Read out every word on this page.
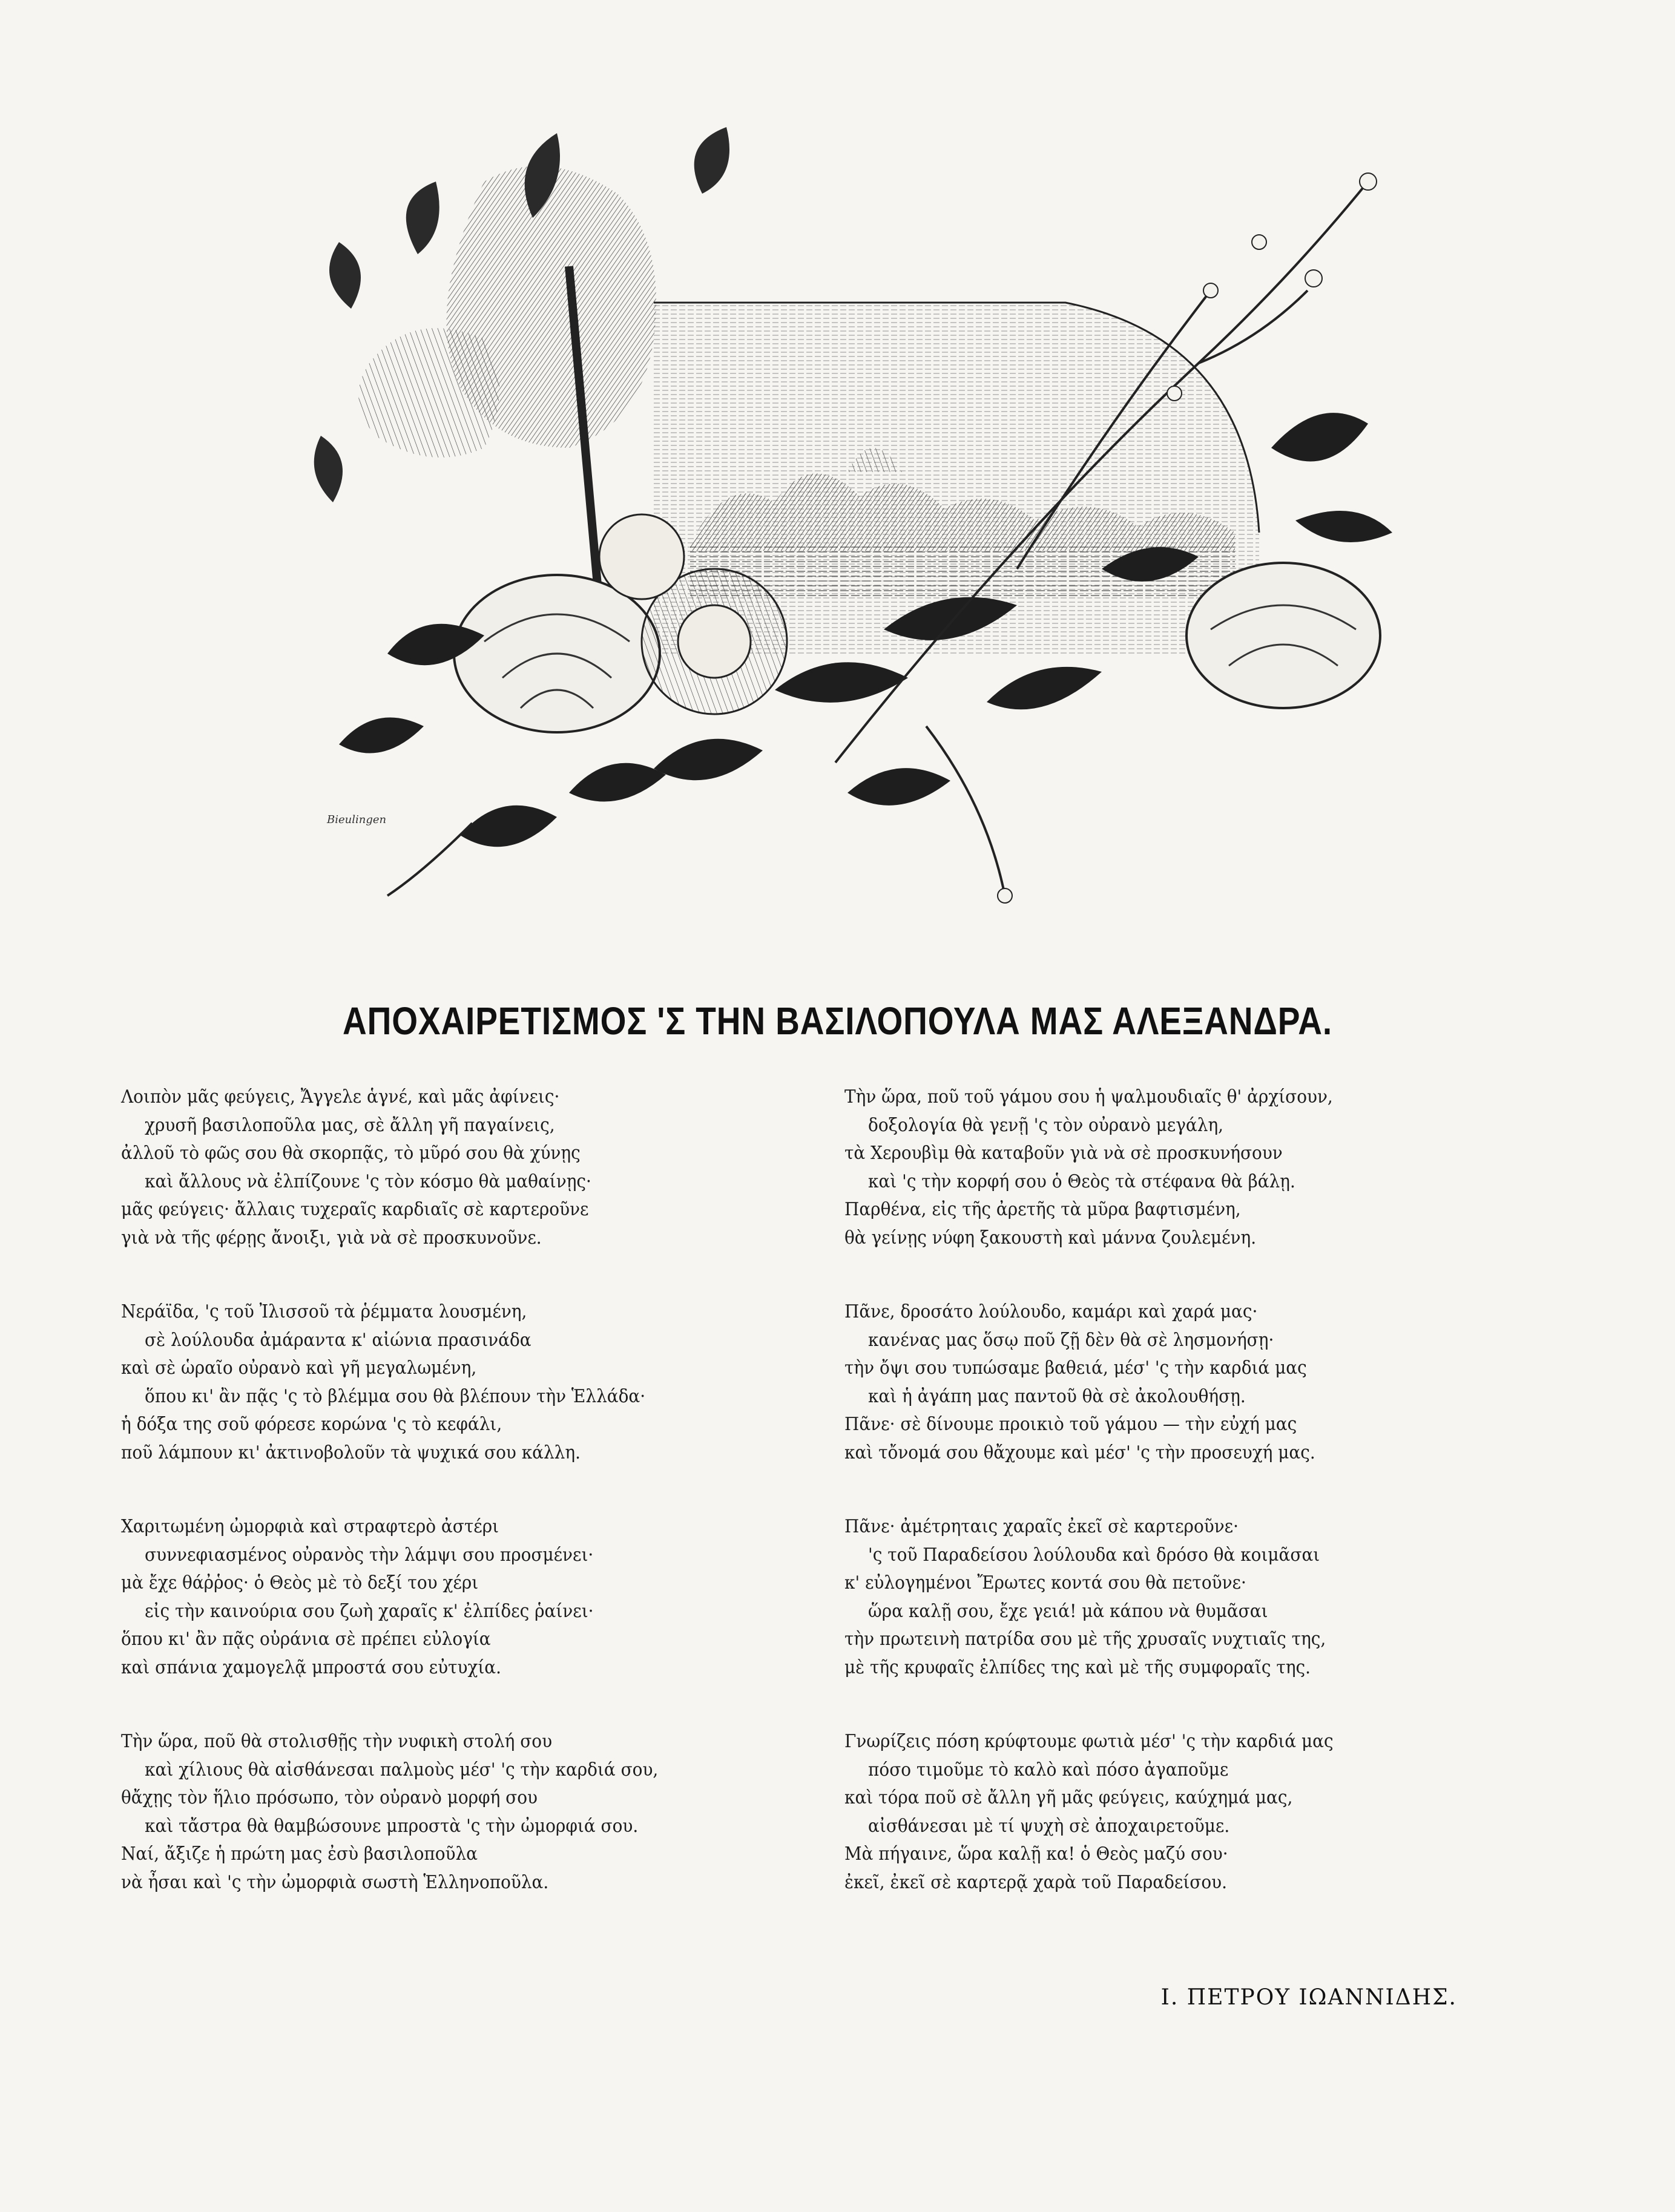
Bieulingen
ΑΠΟΧΑΙΡΕΤΙΣΜΟΣ 'Σ ΤΗΝ ΒΑΣΙΛΟΠΟΥΛΑ ΜΑΣ ΑΛΕΞΑΝΔΡΑ.
Λοιπὸν μᾶς φεύγεις, Ἄγγελε ἁγνέ, καὶ μᾶς ἀφίνεις·
χρυσῆ βασιλοποῦλα μας, σὲ ἄλλη γῆ παγαίνεις,
ἀλλοῦ τὸ φῶς σου θὰ σκορπᾷς, τὸ μῦρό σου θὰ χύνῃς
καὶ ἄλλους νὰ ἐλπίζουνε 'ς τὸν κόσμο θὰ μαθαίνῃς·
μᾶς φεύγεις· ἄλλαις τυχεραῖς καρδιαῖς σὲ καρτεροῦνε
γιὰ νὰ τῆς φέρῃς ἄνοιξι, γιὰ νὰ σὲ προσκυνοῦνε.
Νεράϊδα, 'ς τοῦ Ἰλισσοῦ τὰ ῥέμματα λουσμένη,
σὲ λούλουδα ἀμάραντα κ' αἰώνια πρασινάδα
καὶ σὲ ὡραῖο οὐρανὸ καὶ γῆ μεγαλωμένη,
ὅπου κι' ἂν πᾷς 'ς τὸ βλέμμα σου θὰ βλέπουν τὴν Ἑλλάδα·
ἡ δόξα της σοῦ φόρεσε κορώνα 'ς τὸ κεφάλι,
ποῦ λάμπουν κι' ἀκτινοβολοῦν τὰ ψυχικά σου κάλλη.
Χαριτωμένη ὠμορφιὰ καὶ στραφτερὸ ἀστέρι
συννεφιασμένος οὐρανὸς τὴν λάμψι σου προσμένει·
μὰ ἔχε θάῤῥος· ὁ Θεὸς μὲ τὸ δεξί του χέρι
εἰς τὴν καινούρια σου ζωὴ χαραῖς κ' ἐλπίδες ῥαίνει·
ὅπου κι' ἂν πᾷς οὐράνια σὲ πρέπει εὐλογία
καὶ σπάνια χαμογελᾷ μπροστά σου εὐτυχία.
Τὴν ὥρα, ποῦ θὰ στολισθῇς τὴν νυφικὴ στολή σου
καὶ χίλιους θὰ αἰσθάνεσαι παλμοὺς μέσ' 'ς τὴν καρδιά σου,
θἄχῃς τὸν ἥλιο πρόσωπο, τὸν οὐρανὸ μορφή σου
καὶ τἄστρα θὰ θαμβώσουνε μπροστὰ 'ς τὴν ὠμορφιά σου.
Ναί, ἄξιζε ἡ πρώτη μας ἐσὺ βασιλοποῦλα
νὰ ἦσαι καὶ 'ς τὴν ὠμορφιὰ σωστὴ Ἑλληνοποῦλα.
Τὴν ὥρα, ποῦ τοῦ γάμου σου ἡ ψαλμουδιαῖς θ' ἀρχίσουν,
δοξολογία θὰ γενῇ 'ς τὸν οὐρανὸ μεγάλη,
τὰ Χερουβὶμ θὰ καταβοῦν γιὰ νὰ σὲ προσκυνήσουν
καὶ 'ς τὴν κορφή σου ὁ Θεὸς τὰ στέφανα θὰ βάλῃ.
Παρθένα, εἰς τῆς ἀρετῆς τὰ μῦρα βαφτισμένη,
θὰ γείνῃς νύφη ξακουστὴ καὶ μάννα ζουλεμένη.
Πᾶνε, δροσάτο λούλουδο, καμάρι καὶ χαρά μας·
κανένας μας ὅσῳ ποῦ ζῇ δὲν θὰ σὲ λησμονήσῃ·
τὴν ὄψι σου τυπώσαμε βαθειά, μέσ' 'ς τὴν καρδιά μας
καὶ ἡ ἀγάπη μας παντοῦ θὰ σὲ ἀκολουθήσῃ.
Πᾶνε· σὲ δίνουμε προικιὸ τοῦ γάμου — τὴν εὐχή μας
καὶ τὄνομά σου θἄχουμε καὶ μέσ' 'ς τὴν προσευχή μας.
Πᾶνε· ἀμέτρηταις χαραῖς ἐκεῖ σὲ καρτεροῦνε·
'ς τοῦ Παραδείσου λούλουδα καὶ δρόσο θὰ κοιμᾶσαι
κ' εὐλογημένοι Ἔρωτες κοντά σου θὰ πετοῦνε·
ὥρα καλῇ σου, ἔχε γειά! μὰ κάπου νὰ θυμᾶσαι
τὴν πρωτεινὴ πατρίδα σου μὲ τῆς χρυσαῖς νυχτιαῖς της,
μὲ τῆς κρυφαῖς ἐλπίδες της καὶ μὲ τῆς συμφοραῖς της.
Γνωρίζεις πόση κρύφτουμε φωτιὰ μέσ' 'ς τὴν καρδιά μας
πόσο τιμοῦμε τὸ καλὸ καὶ πόσο ἀγαποῦμε
καὶ τόρα ποῦ σὲ ἄλλη γῆ μᾶς φεύγεις, καύχημά μας,
αἰσθάνεσαι μὲ τί ψυχὴ σὲ ἀποχαιρετοῦμε.
Μὰ πήγαινε, ὥρα καλῇ κα! ὁ Θεὸς μαζύ σου·
ἐκεῖ, ἐκεῖ σὲ καρτερᾷ χαρὰ τοῦ Παραδείσου.
Ι. ΠΕΤΡΟΥ ΙΩΑΝΝΙΔΗΣ.
